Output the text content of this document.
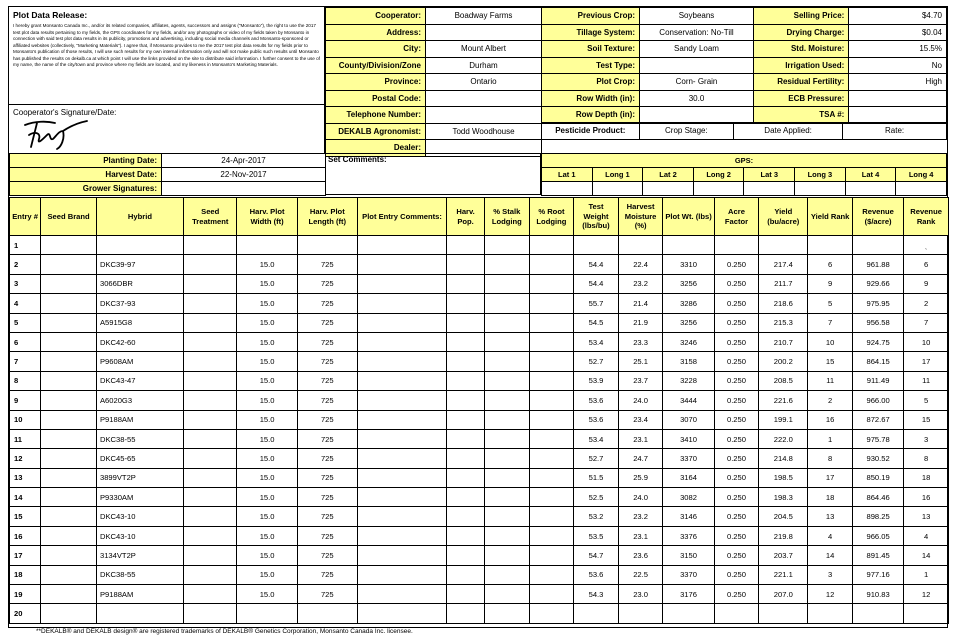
Plot Data Release:
I hereby grant Monsanto Canada Inc., and/or its related companies, affiliates, agents, successors and assigns ("Monsanto"), the right to use the 2017 test plot data results pertaining to my fields, the GPS coordinates for my fields, and/or any photographs or video of my fields taken by Monsanto in connection with said test plot data results in its publicity, promotions and advertising, including social media channels and Monsanto-sponsored or affiliated websites (collectively, "Marketing Materials"). I agree that, if Monsanto provides to me the 2017 test plot data results for my fields prior to Monsanto's publication of those results, I will use such results for my own internal information only and will not make public such results until Monsanto has published the results on dekalb.ca at which point I will use the links provided on the site to distribute said information. I further consent to the use of my name, the name of the city/town and province where my fields are located, and my likeness in Monsanto's Marketing Materials.
Cooperator's Signature/Date:
Cooperator:	Boadway Farms
Address:	
City:	Mount Albert
County/Division/Zone	Durham
Province:	Ontario
Postal Code:	
Telephone Number:	
DEKALB Agronomist:	Todd Woodhouse
Dealer:	
Previous Crop:	Soybeans
Tillage System:	Conservation: No-Till
Soil Texture:	Sandy Loam
Test Type:	
Plot Crop:	Corn- Grain
Row Width (in):	30.0
Row Depth (in):	
Selling Price:	$4.70
Drying Charge:	$0.04
Std. Moisture:	15.5%
Irrigation Used:	No
Residual Fertility:	High
ECB Pressure:	
TSA #:	
Pesticide Product:	Crop Stage:	Date Applied:	Rate:
Planting Date:	24-Apr-2017
Harvest Date:	22-Nov-2017
Grower Signatures:	
Set Comments:	GPS:							
Lat 1	Long 1	Lat 2	Long 2	Lat 3	Long 3	Lat 4	Long 4

Entry #	Seed Brand	Hybrid	Seed Treatment	Harv. Plot Width (ft)	Harv. Plot Length (ft)	Plot Entry Comments:	Harv. Pop.	% Stalk Lodging	% Root Lodging	Test Weight (lbs/bu)	Harvest Moisture (%)	Plot Wt. (lbs)	Acre Factor	Yield (bu/acre)	Yield Rank	Revenue ($/acre)	Revenue Rank
1																	ˎ
2		DKC39-97		15.0	725					54.4	22.4	3310	0.250	217.4	6	961.88	6
3		3066DBR		15.0	725					54.4	23.2	3256	0.250	211.7	9	929.66	9
4		DKC37-93		15.0	725					55.7	21.4	3286	0.250	218.6	5	975.95	2
5		A5915G8		15.0	725					54.5	21.9	3256	0.250	215.3	7	956.58	7
6		DKC42-60		15.0	725					53.4	23.3	3246	0.250	210.7	10	924.75	10
7		P9608AM		15.0	725					52.7	25.1	3158	0.250	200.2	15	864.15	17
8		DKC43-47		15.0	725					53.9	23.7	3228	0.250	208.5	11	911.49	11
9		A6020G3		15.0	725					53.6	24.0	3444	0.250	221.6	2	966.00	5
10		P9188AM		15.0	725					53.6	23.4	3070	0.250	199.1	16	872.67	15
11		DKC38-55		15.0	725					53.4	23.1	3410	0.250	222.0	1	975.78	3
12		DKC45-65		15.0	725					52.7	24.7	3370	0.250	214.8	8	930.52	8
13		3899VT2P		15.0	725					51.5	25.9	3164	0.250	198.5	17	850.19	18
14		P9330AM		15.0	725					52.5	24.0	3082	0.250	198.3	18	864.46	16
15		DKC43-10		15.0	725					53.2	23.2	3146	0.250	204.5	13	898.25	13
16		DKC43-10		15.0	725					53.5	23.1	3376	0.250	219.8	4	966.05	4
17		3134VT2P		15.0	725					54.7	23.6	3150	0.250	203.7	14	891.45	14
18		DKC38-55		15.0	725					53.6	22.5	3370	0.250	221.1	3	977.16	1
19		P9188AM		15.0	725					54.3	23.0	3176	0.250	207.0	12	910.83	12
20																	
**DEKALB® and DEKALB design® are registered trademarks of DEKALB® Genetics Corporation, Monsanto Canada Inc. licensee.
